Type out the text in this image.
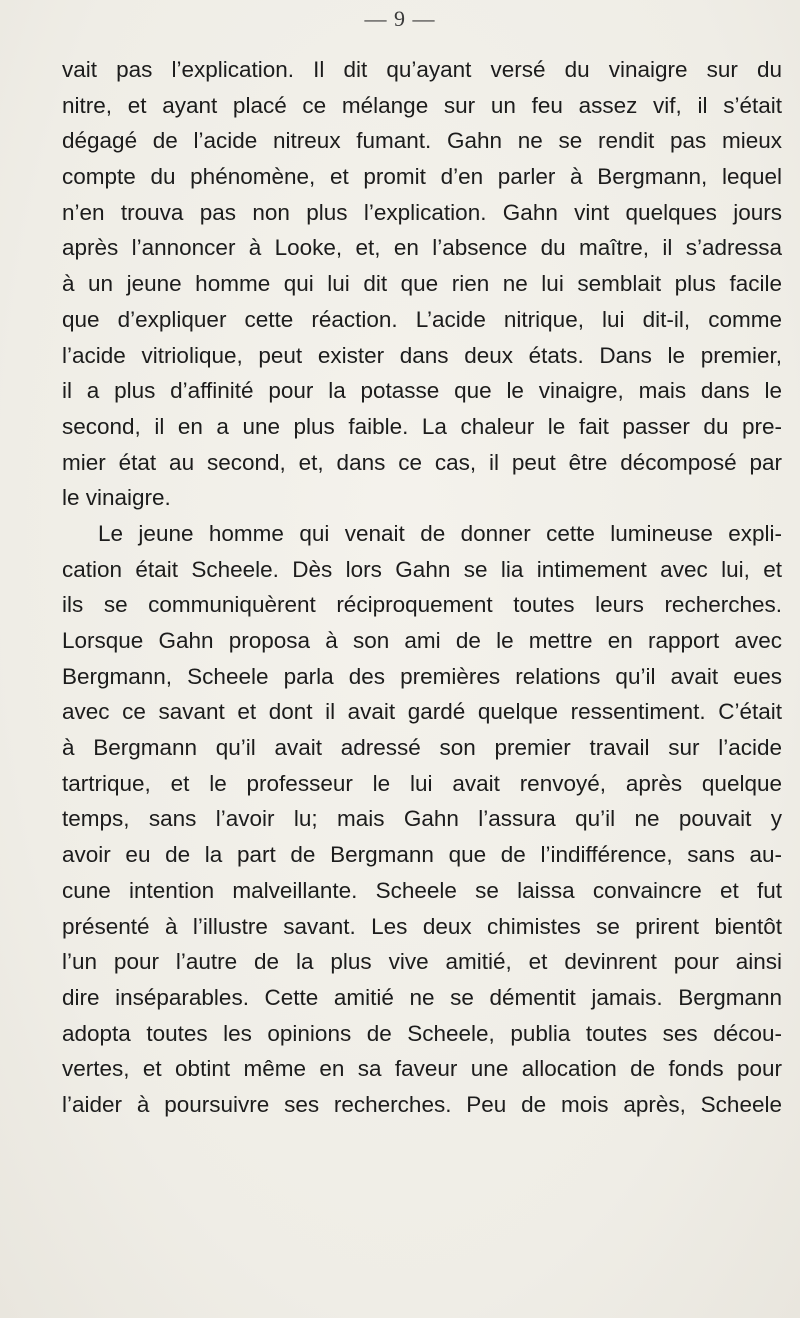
— 9 —
vait pas l’explication. Il dit qu’ayant versé du vinaigre sur du
nitre, et ayant placé ce mélange sur un feu assez vif, il s’était
dégagé de l’acide nitreux fumant. Gahn ne se rendit pas mieux
compte du phénomène, et promit d’en parler à Bergmann, lequel
n’en trouva pas non plus l’explication. Gahn vint quelques jours
après l’annoncer à Looke, et, en l’absence du maître, il s’adressa
à un jeune homme qui lui dit que rien ne lui semblait plus facile
que d’expliquer cette réaction. L’acide nitrique, lui dit-il, comme
l’acide vitriolique, peut exister dans deux états. Dans le premier,
il a plus d’affinité pour la potasse que le vinaigre, mais dans le
second, il en a une plus faible. La chaleur le fait passer du pre-
mier état au second, et, dans ce cas, il peut être décomposé par
le vinaigre.
Le jeune homme qui venait de donner cette lumineuse expli-
cation était Scheele. Dès lors Gahn se lia intimement avec lui, et
ils se communiquèrent réciproquement toutes leurs recherches.
Lorsque Gahn proposa à son ami de le mettre en rapport avec
Bergmann, Scheele parla des premières relations qu’il avait eues
avec ce savant et dont il avait gardé quelque ressentiment. C’était
à Bergmann qu’il avait adressé son premier travail sur l’acide
tartrique, et le professeur le lui avait renvoyé, après quelque
temps, sans l’avoir lu; mais Gahn l’assura qu’il ne pouvait y
avoir eu de la part de Bergmann que de l’indifférence, sans au-
cune intention malveillante. Scheele se laissa convaincre et fut
présenté à l’illustre savant. Les deux chimistes se prirent bientôt
l’un pour l’autre de la plus vive amitié, et devinrent pour ainsi
dire inséparables. Cette amitié ne se démentit jamais. Bergmann
adopta toutes les opinions de Scheele, publia toutes ses décou-
vertes, et obtint même en sa faveur une allocation de fonds pour
l’aider à poursuivre ses recherches. Peu de mois après, Scheele
